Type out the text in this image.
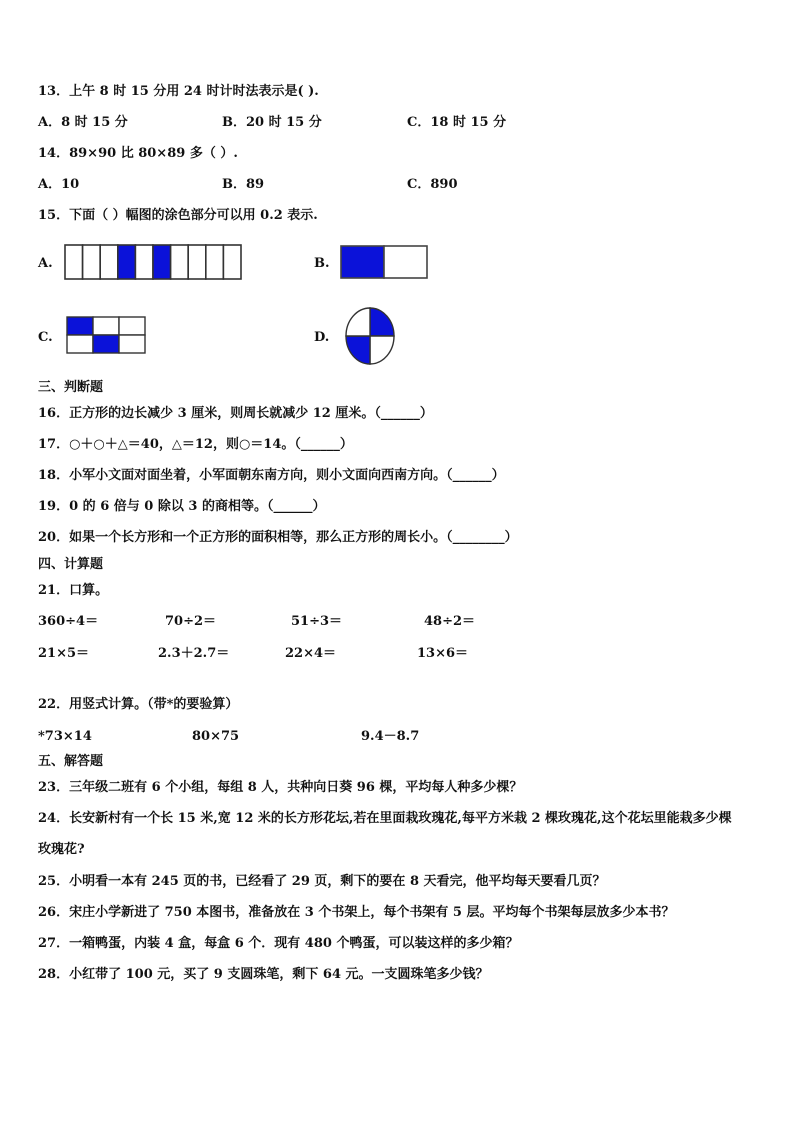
13．上午 8 时 15 分用 24 时计时法表示是( ).
A．8 时 15 分	B．20 时 15 分	C．18 时 15 分
14．89×90 比 80×89 多（ ）.
A．10	B．89	C．890
15．下面（ ）幅图的涂色部分可以用 0.2 表示.
A.	B.
C.	D.
三、判断题
16．正方形的边长减少 3 厘米，则周长就减少 12 厘米。（______）
17．○＋○＋△＝40，△＝12，则○＝14。（______）
18．小军小文面对面坐着，小军面朝东南方向，则小文面向西南方向。（______）
19．0 的 6 倍与 0 除以 3 的商相等。（______）
20．如果一个长方形和一个正方形的面积相等，那么正方形的周长小。（________）
四、计算题
21．口算。
360÷4＝	70÷2＝	51÷3＝	48÷2＝
21×5＝	2.3＋2.7＝	22×4＝	13×6＝
22．用竖式计算。（带*的要验算）
*73×14	80×75	9.4－8.7
五、解答题
23．三年级二班有 6 个小组，每组 8 人，共种向日葵 96 棵，平均每人种多少棵？
24．长安新村有一个长 15 米,宽 12 米的长方形花坛,若在里面栽玫瑰花,每平方米栽 2 棵玫瑰花,这个花坛里能栽多少棵
玫瑰花?
25．小明看一本有 245 页的书，已经看了 29 页，剩下的要在 8 天看完，他平均每天要看几页？
26．宋庄小学新进了 750 本图书，准备放在 3 个书架上，每个书架有 5 层。平均每个书架每层放多少本书？
27．一箱鸭蛋，内装 4 盒，每盒 6 个．现有 480 个鸭蛋，可以装这样的多少箱？
28．小红带了 100 元，买了 9 支圆珠笔，剩下 64 元。一支圆珠笔多少钱？
